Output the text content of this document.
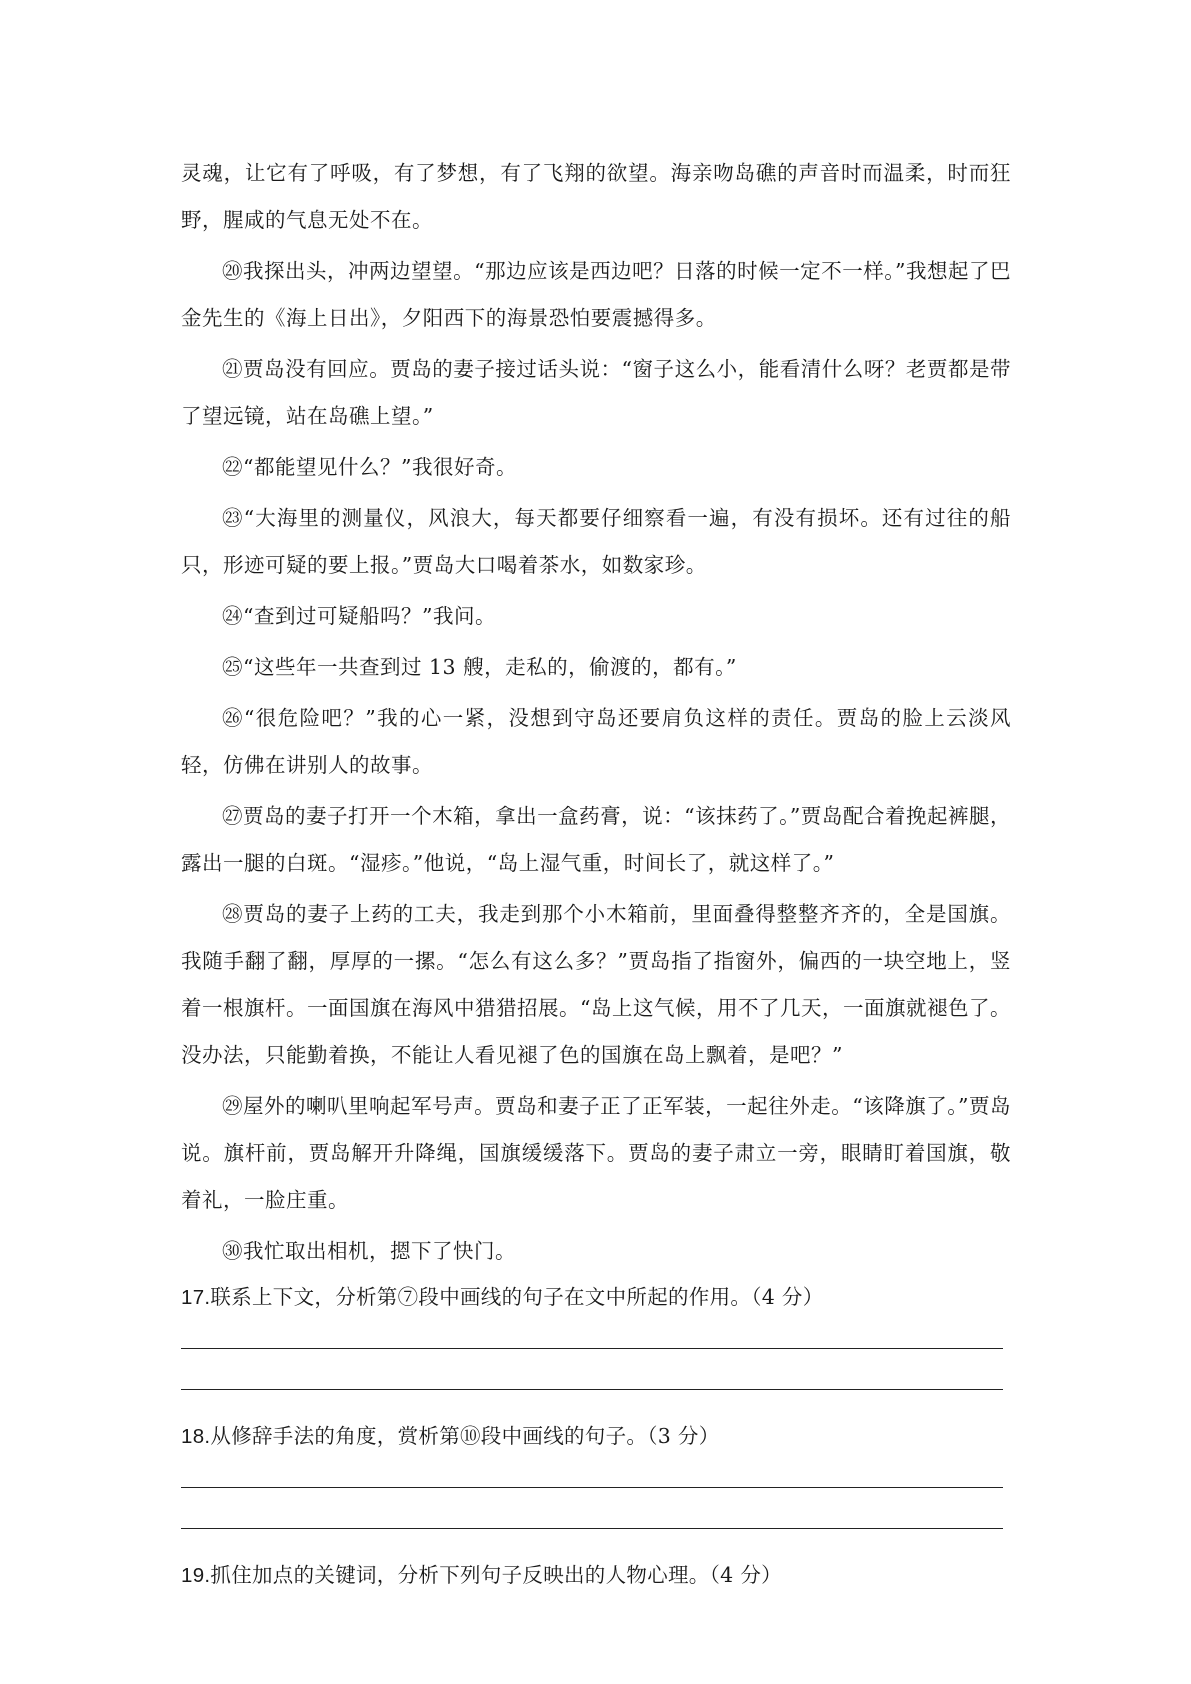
灵魂，让它有了呼吸，有了梦想，有了飞翔的欲望。海亲吻岛礁的声音时而温柔，时而狂野，腥咸的气息无处不在。

⑳我探出头，冲两边望望。“那边应该是西边吧？日落的时候一定不一样。”我想起了巴金先生的《海上日出》，夕阳西下的海景恐怕要震撼得多。

㉑贾岛没有回应。贾岛的妻子接过话头说：“窗子这么小，能看清什么呀？老贾都是带了望远镜，站在岛礁上望。”

㉒“都能望见什么？”我很好奇。

㉓“大海里的测量仪，风浪大，每天都要仔细察看一遍，有没有损坏。还有过往的船只，形迹可疑的要上报。”贾岛大口喝着茶水，如数家珍。

㉔“查到过可疑船吗？”我问。

㉕“这些年一共查到过 13 艘，走私的，偷渡的，都有。”

㉖“很危险吧？”我的心一紧，没想到守岛还要肩负这样的责任。贾岛的脸上云淡风轻，仿佛在讲别人的故事。

㉗贾岛的妻子打开一个木箱，拿出一盒药膏，说：“该抹药了。”贾岛配合着挽起裤腿，露出一腿的白斑。“湿疹。”他说，“岛上湿气重，时间长了，就这样了。”

㉘贾岛的妻子上药的工夫，我走到那个小木箱前，里面叠得整整齐齐的，全是国旗。我随手翻了翻，厚厚的一摞。“怎么有这么多？”贾岛指了指窗外，偏西的一块空地上，竖着一根旗杆。一面国旗在海风中猎猎招展。“岛上这气候，用不了几天，一面旗就褪色了。没办法，只能勤着换，不能让人看见褪了色的国旗在岛上飘着，是吧？”

㉙屋外的喇叭里响起军号声。贾岛和妻子正了正军装，一起往外走。“该降旗了。”贾岛说。旗杆前，贾岛解开升降绳，国旗缓缓落下。贾岛的妻子肃立一旁，眼睛盯着国旗，敬着礼，一脸庄重。

㉚我忙取出相机，摁下了快门。

17.联系上下文，分析第⑦段中画线的句子在文中所起的作用。（4 分）

18.从修辞手法的角度，赏析第⑩段中画线的句子。（3 分）

19.抓住加点的关键词，分析下列句子反映出的人物心理。（4 分）
